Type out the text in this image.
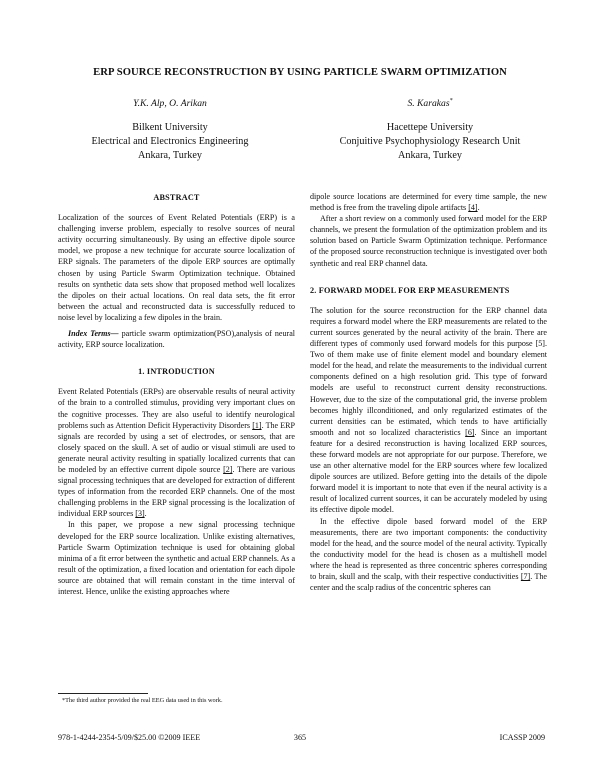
ERP SOURCE RECONSTRUCTION BY USING PARTICLE SWARM OPTIMIZATION
Y.K. Alp, O. Arikan
Bilkent University
Electrical and Electronics Engineering
Ankara, Turkey
S. Karakas*
Hacettepe University
Conjuitive Psychophysiology Research Unit
Ankara, Turkey
ABSTRACT

Localization of the sources of Event Related Potentials (ERP) is a challenging inverse problem, especially to resolve sources of neural activity occurring simultaneously. By using an effective dipole source model, we propose a new technique for accurate source localization of ERP signals. The parameters of the dipole ERP sources are optimally chosen by using Particle Swarm Optimization technique. Obtained results on synthetic data sets show that proposed method well localizes the dipoles on their actual locations. On real data sets, the fit error between the actual and reconstructed data is successfully reduced to noise level by localizing a few dipoles in the brain.

Index Terms— particle swarm optimization(PSO),analysis of neural activity, ERP source localization.

1. INTRODUCTION

Event Related Potentials (ERPs) are observable results of neural activity of the brain to a controlled stimulus, providing very important clues on the cognitive processes. They are also useful to identify neurological problems such as Attention Deficit Hyperactivity Disorders [1]. The ERP signals are recorded by using a set of electrodes, or sensors, that are closely spaced on the skull. A set of audio or visual stimuli are used to generate neural activity resulting in spatially localized currents that can be modeled by an effective current dipole source [2]. There are various signal processing techniques that are developed for extraction of different types of information from the recorded ERP channels. One of the most challenging problems in the ERP signal processing is the localization of individual ERP sources [3].

In this paper, we propose a new signal processing technique developed for the ERP source localization. Unlike existing alternatives, Particle Swarm Optimization technique is used for obtaining global minima of a fit error between the synthetic and actual ERP channels. As a result of the optimization, a fixed location and orientation for each dipole source are obtained that will remain constant in the time interval of interest. Hence, unlike the existing approaches where

*The third author provided the real EEG data used in this work.

dipole source locations are determined for every time sample, the new method is free from the traveling dipole artifacts [4].

After a short review on a commonly used forward model for the ERP channels, we present the formulation of the optimization problem and its solution based on Particle Swarm Optimization technique. Performance of the proposed source reconstruction technique is investigated over both synthetic and real ERP channel data.

2. FORWARD MODEL FOR ERP MEASUREMENTS

The solution for the source reconstruction for the ERP channel data requires a forward model where the ERP measurements are related to the current sources generated by the neural activity of the brain. There are different types of commonly used forward models for this purpose [5]. Two of them make use of finite element model and boundary element model for the head, and relate the measurements to the individual current components defined on a high resolution grid. This type of forward models are useful to reconstruct current density reconstructions. However, due to the size of the computational grid, the inverse problem becomes highly illconditioned, and only regularized estimates of the current densities can be estimated, which tends to have artificially smooth and not so localized characteristics [6]. Since an important feature for a desired reconstruction is having localized ERP sources, these forward models are not appropriate for our purpose. Therefore, we use an other alternative model for the ERP sources where few localized dipole sources are utilized. Before getting into the details of the dipole forward model it is important to note that even if the neural activity is a result of localized current sources, it can be accurately modeled by using its effective dipole model.

In the effective dipole based forward model of the ERP measurements, there are two important components: the conductivity model for the head, and the source model of the neural activity. Typically the conductivity model for the head is chosen as a multishell model where the head is represented as three concentric spheres corresponding to brain, skull and the scalp, with their respective conductivities [7]. The center and the scalp radius of the concentric spheres can

978-1-4244-2354-5/09/$25.00 ©2009 IEEE	365	ICASSP 2009
